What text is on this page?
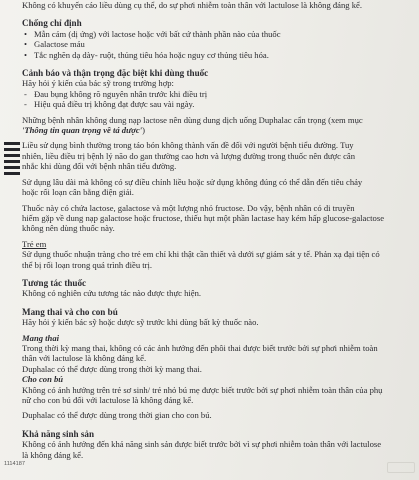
Không có khuyến cáo liều dùng cụ thể, do sự phơi nhiễm toàn thân với lactulose là không đáng kể.

Chống chỉ định

• Mẫn cảm (dị ứng) với lactose hoặc với bất cứ thành phần nào của thuốc
• Galactose máu
• Tắc nghẽn dạ dày- ruột, thủng tiêu hóa hoặc nguy cơ thủng tiêu hóa.

Cảnh báo và thận trọng đặc biệt khi dùng thuốc

Hãy hỏi ý kiến của bác sỹ trong trường hợp:

- Đau bụng không rõ nguyên nhân trước khi điều trị
- Hiệu quả điều trị không đạt được sau vài ngày.

Những bệnh nhân không dung nạp lactose nên dùng dung dịch uống Duphalac cẩn trọng (xem mục

'Thông tin quan trọng về tá dược')

Liều sử dụng bình thường trong táo bón không thành vấn đề đối với người bệnh tiểu đường. Tuy

nhiên, liều điều trị bệnh lý não do gan thường cao hơn và lượng đường trong thuốc nên được cân

nhắc khi dùng đối với bệnh nhân tiểu đường.

Sử dụng lâu dài mà không có sự điều chỉnh liều hoặc sử dụng không đúng có thể dẫn đến tiêu chảy

hoặc rối loạn cân bằng điện giải.

Thuốc này có chứa lactose, galactose và một lượng nhỏ fructose. Do vậy, bệnh nhân có di truyền

hiếm gặp về dung nạp galactose hoặc fructose, thiếu hụt một phần lactase hay kém hấp glucose-galactose

không nên dùng thuốc này.

Trẻ em

Sử dụng thuốc nhuận tràng cho trẻ em chỉ khi thật cần thiết và dưới sự giám sát y tế. Phản xạ đại tiện có

thể bị rối loạn trong quá trình điều trị.

Tương tác thuốc

Không có nghiên cứu tương tác nào được thực hiện.

Mang thai và cho con bú

Hãy hỏi ý kiến bác sỹ hoặc dược sỹ trước khi dùng bất kỳ thuốc nào.

Mang thai

Trong thời kỳ mang thai, không có các ảnh hưởng đến phôi thai được biết trước bởi sự phơi nhiễm toàn

thân với lactulose là không đáng kể.

Duphalac có thể được dùng trong thời kỳ mang thai.

Cho con bú

Không có ảnh hưởng trên trẻ sơ sinh/ trẻ nhỏ bú mẹ được biết trước bởi sự phơi nhiễm toàn thân của phụ

nữ cho con bú đối với lactulose là không đáng kể.

Duphalac có thể được dùng trong thời gian cho con bú.

Khả năng sinh sản

Không có ảnh hưởng đến khả năng sinh sản được biết trước bởi vì sự phơi nhiễm toàn thân với lactulose

là không đáng kể.

1114187
